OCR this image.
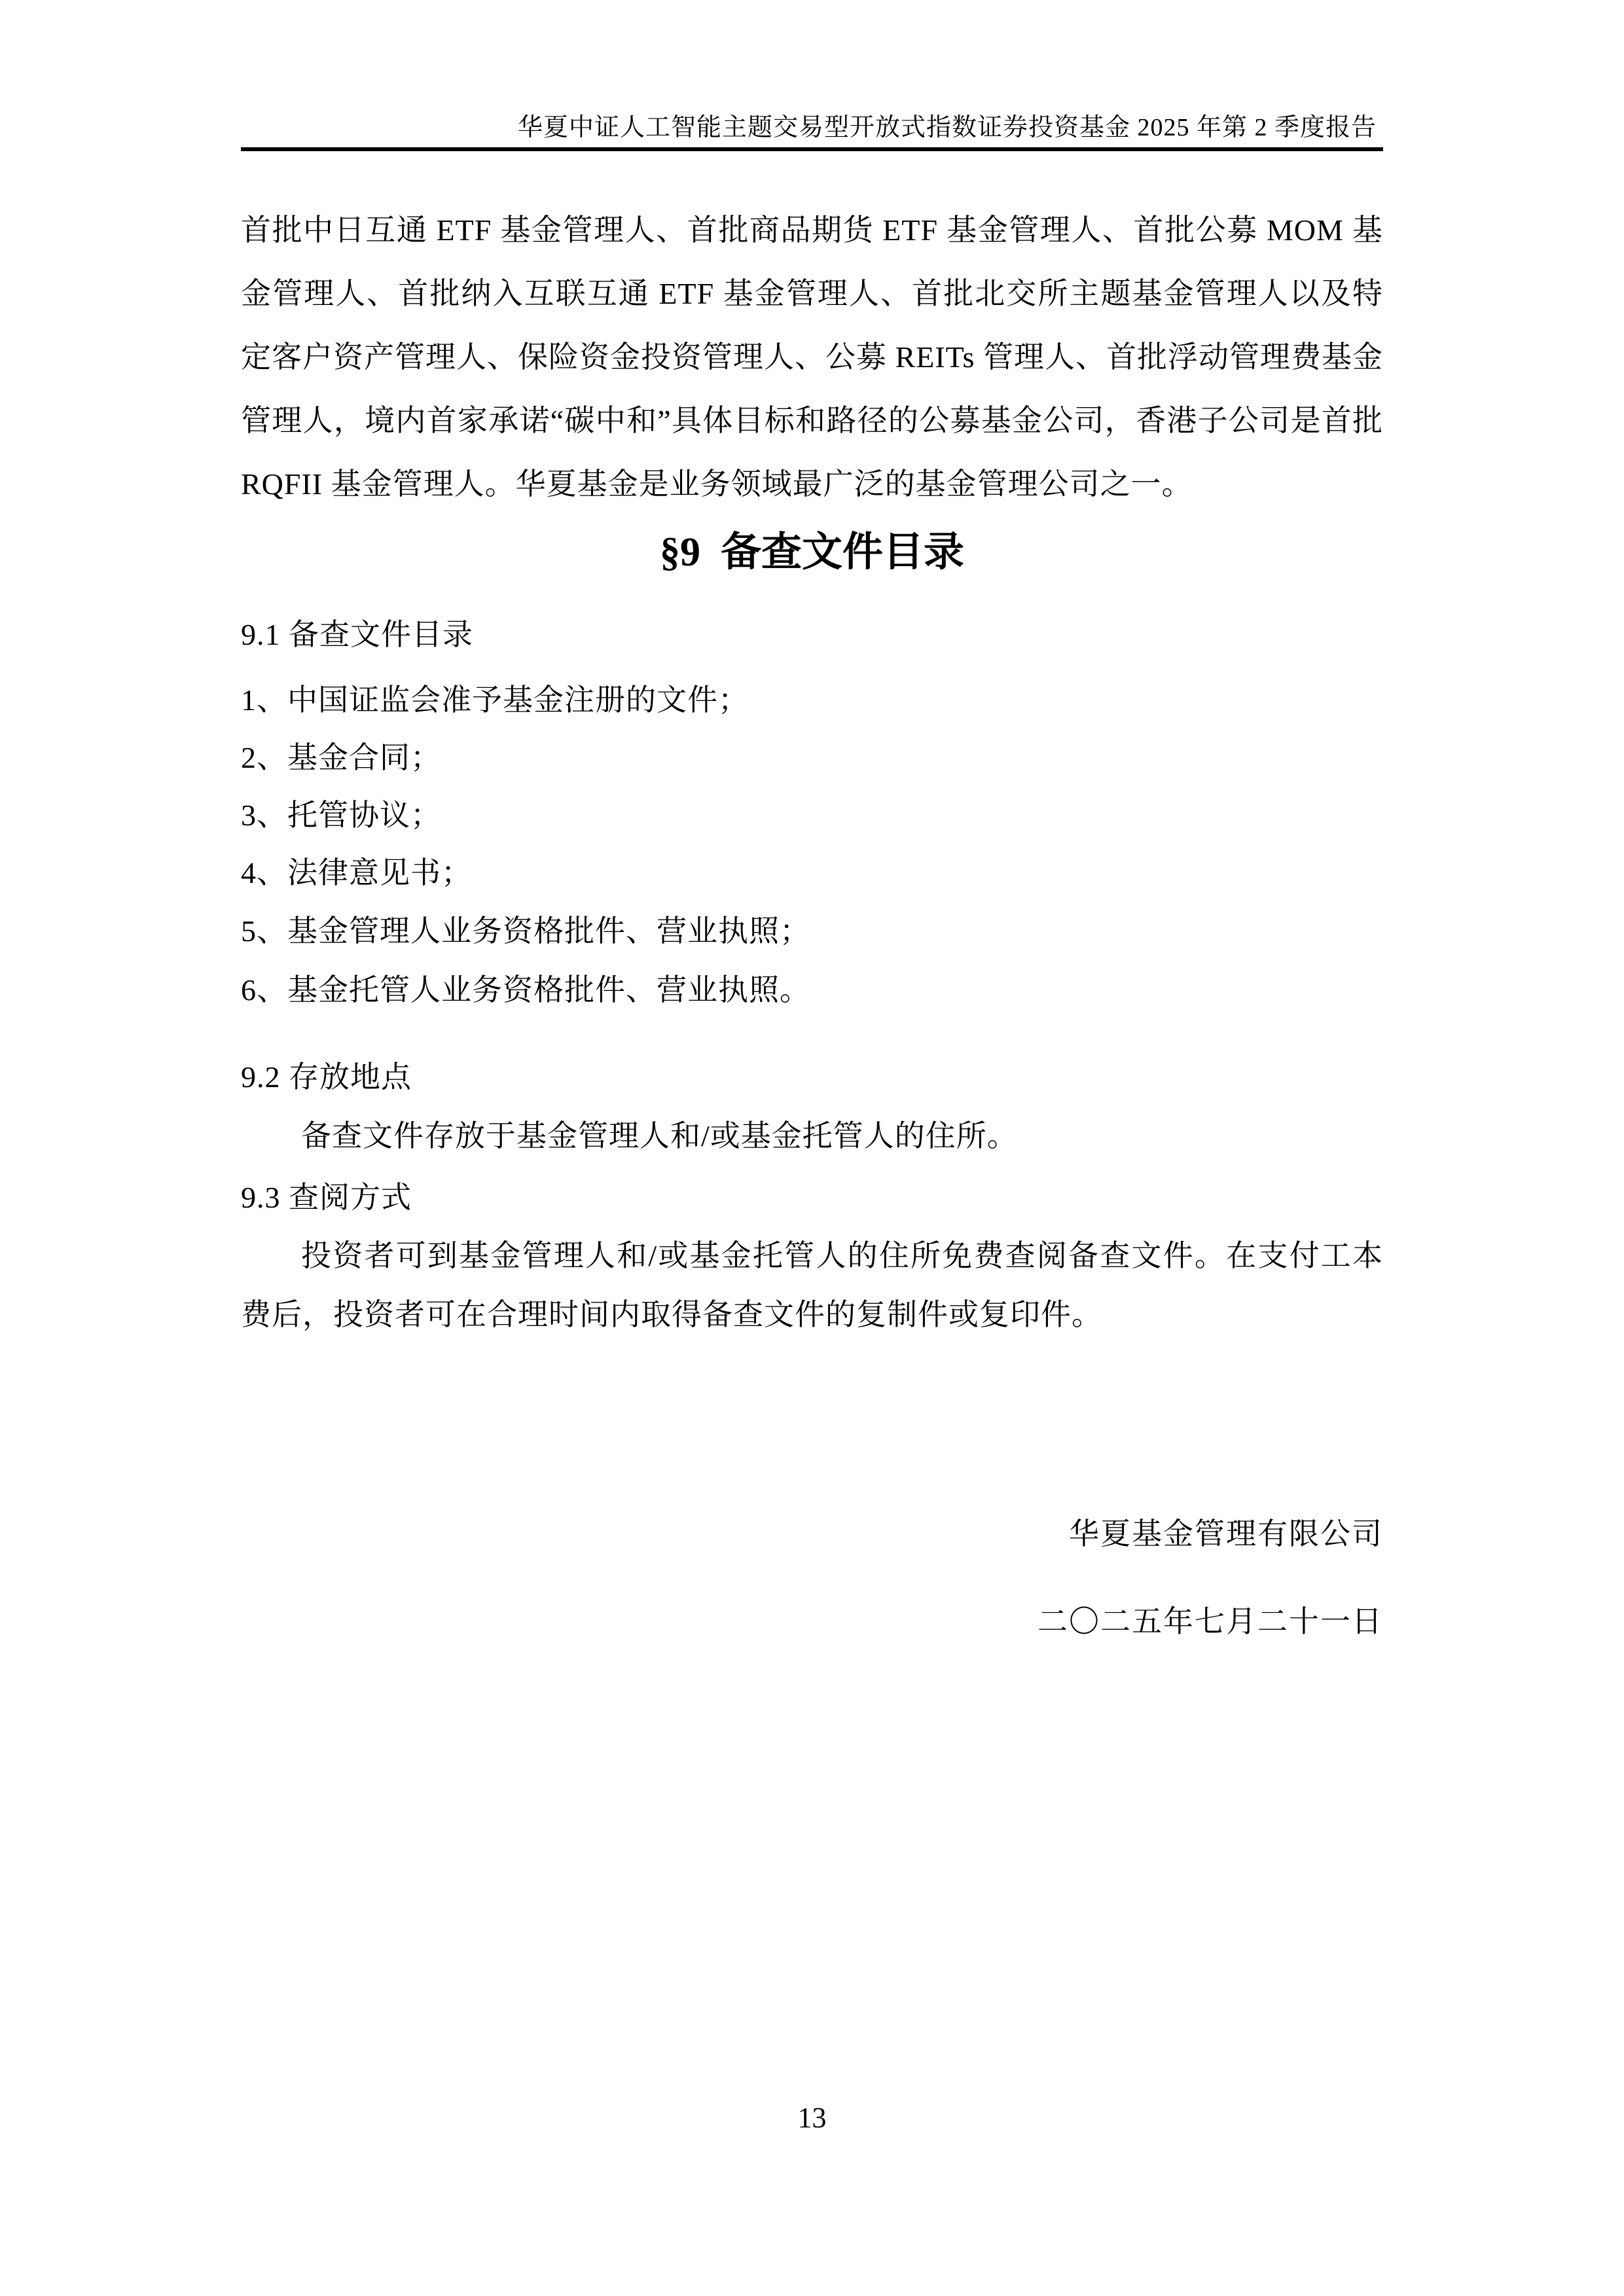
华夏中证人工智能主题交易型开放式指数证券投资基金 2025 年第 2 季度报告

首批中日互通 ETF 基金管理人、首批商品期货 ETF 基金管理人、首批公募 MOM 基金管理人、首批纳入互联互通 ETF 基金管理人、首批北交所主题基金管理人以及特定客户资产管理人、保险资金投资管理人、公募 REITs 管理人、首批浮动管理费基金管理人，境内首家承诺“碳中和”具体目标和路径的公募基金公司，香港子公司是首批 RQFII 基金管理人。华夏基金是业务领域最广泛的基金管理公司之一。

§9  备查文件目录
9.1 备查文件目录
1、中国证监会准予基金注册的文件；
2、基金合同；
3、托管协议；
4、法律意见书；
5、基金管理人业务资格批件、营业执照；
6、基金托管人业务资格批件、营业执照。
9.2 存放地点
备查文件存放于基金管理人和/或基金托管人的住所。
9.3 查阅方式

投资者可到基金管理人和/或基金托管人的住所免费查阅备查文件。在支付工本费后，投资者可在合理时间内取得备查文件的复制件或复印件。

华夏基金管理有限公司
二〇二五年七月二十一日
13
